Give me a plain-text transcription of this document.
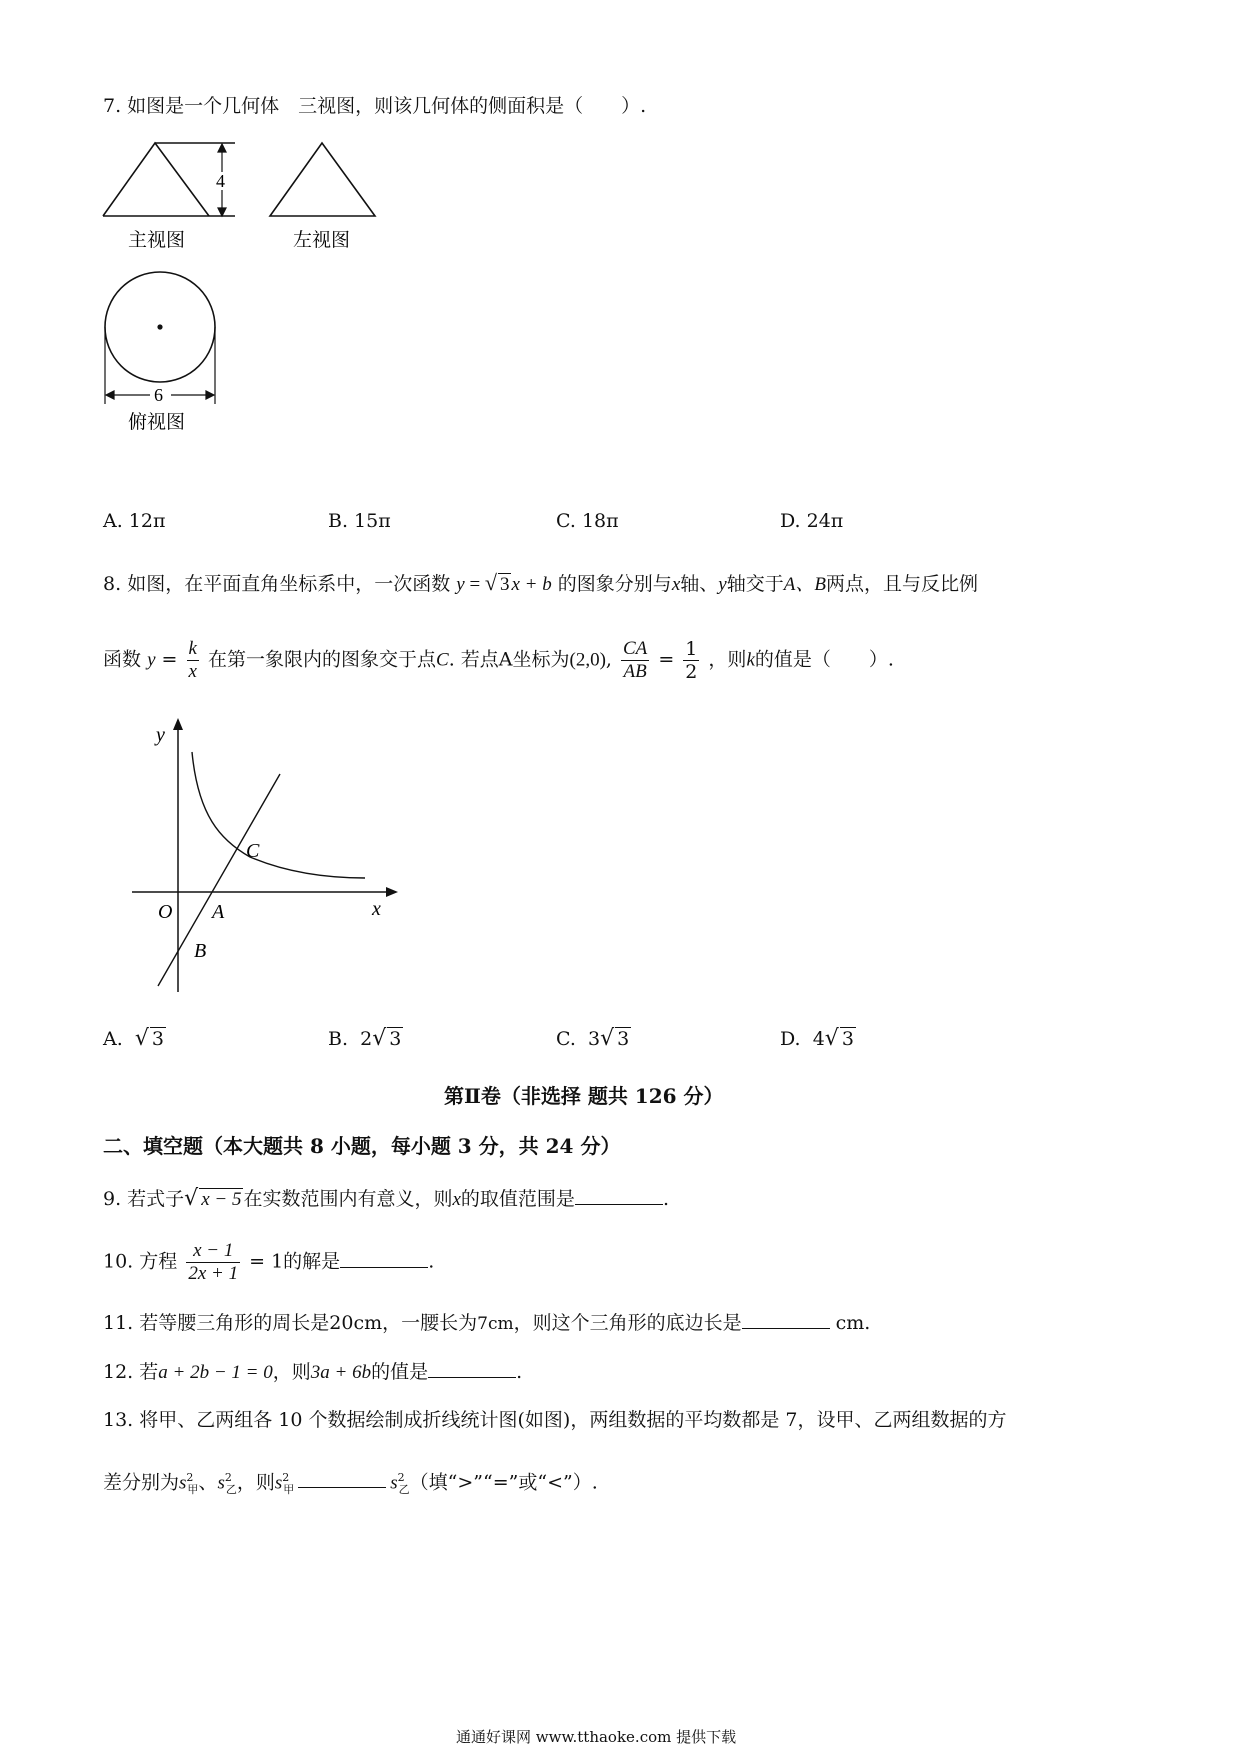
7. 如图是一个几何体　三视图，则该几何体的侧面积是（　　）.
4
主视图	左视图
6
俯视图
A. 12π	B. 15π	C. 18π	D. 24π
8. 如图，在平面直角坐标系中，一次函数 y = √ 3 x + b 的图象分别与x轴、y轴交于A、B两点，且与反比例
函数 $y = \frac{k}{x}$ 在第一象限内的图象交于点C. 若点A坐标为(2,0), $\frac{CA}{AB} = \frac{1}{2}$ ，则k的值是（　　）.
y
x
O A
B
C
A. √ 3	B. 2√ 3	C. 3√ 3	D. 4√ 3
第Ⅱ卷（非选择 题共 126 分）
二、填空题（本大题共 8 小题，每小题 3 分，共 24 分）
9. 若式子√ x − 5 在实数范围内有意义，则x的取值范围是	.
10. 方程 $\frac{x - 1}{2x + 1} = 1$的解是	.
11. 若等腰三角形的周长是20cm，一腰长为7cm，则这个三角形的底边长是	cm.
12. 若a + 2b − 1 = 0，则3a + 6b的值是	.
13. 将甲、乙两组各 10 个数据绘制成折线统计图(如图)，两组数据的平均数都是 7，设甲、乙两组数据的方
差分别为$s^2_甲$、$s^2_乙$，则$s^2_甲$	$s^2_乙$（填“>”“=”或“<”）.
通通好课网 www.tthaoke.com 提供下载
